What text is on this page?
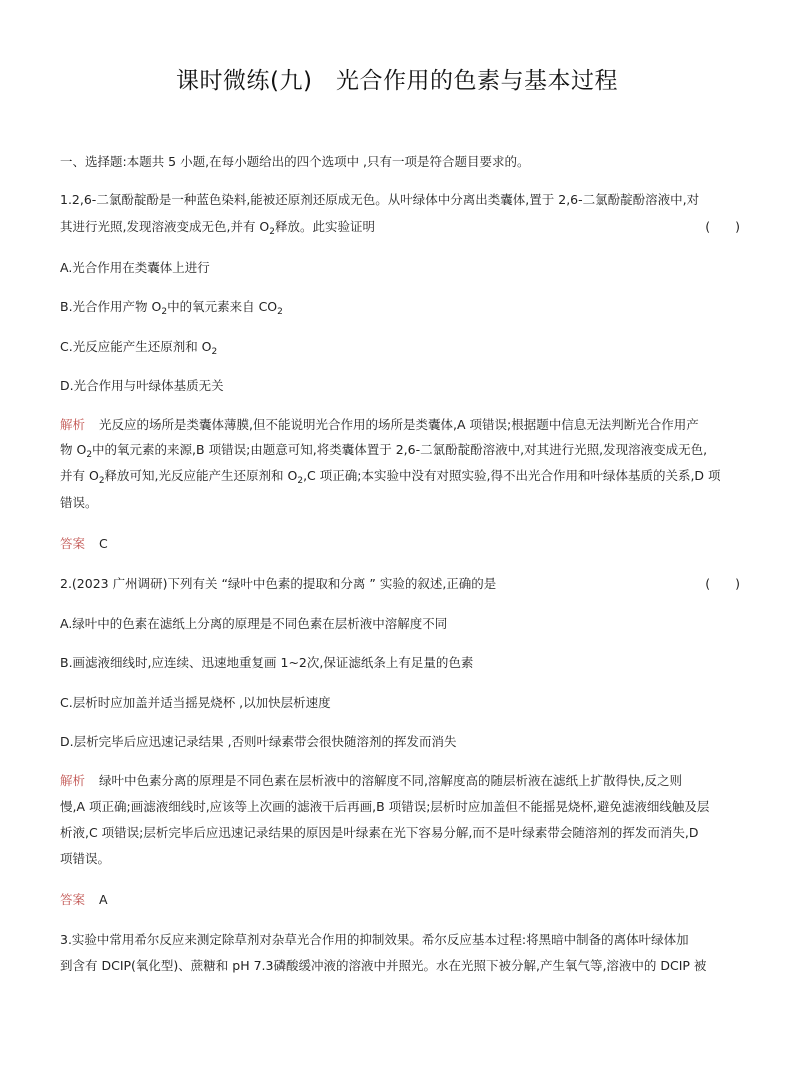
课时微练(九)　光合作用的色素与基本过程
一、选择题:本题共 5 小题,在每小题给出的四个选项中 ,只有一项是符合题目要求的。
1.2,6-二氯酚靛酚是一种蓝色染料,能被还原剂还原成无色。从叶绿体中分离出类囊体,置于 2,6-二氯酚靛酚溶液中,对
其进行光照,发现溶液变成无色,并有 $O_2$释放。此实验证明	(　　)
A.光合作用在类囊体上进行
B.光合作用产物 $O_2$中的氧元素来自 $CO_2$
C.光反应能产生还原剂和 $O_2$
D.光合作用与叶绿体基质无关
解析 光反应的场所是类囊体薄膜,但不能说明光合作用的场所是类囊体,A 项错误;根据题中信息无法判断光合作用产
物 $O_2$中的氧元素的来源,B 项错误;由题意可知,将类囊体置于 2,6-二氯酚靛酚溶液中,对其进行光照,发现溶液变成无色,
并有 $O_2$释放可知,光反应能产生还原剂和 $O_2,C$ 项正确;本实验中没有对照实验,得不出光合作用和叶绿体基质的关系,D 项
错误。
答案 C
2.(2023 广州调研)下列有关 “绿叶中色素的提取和分离 ” 实验的叙述,正确的是	(　　)
A.绿叶中的色素在滤纸上分离的原理是不同色素在层析液中溶解度不同
B.画滤液细线时,应连续、迅速地重复画 1~2次,保证滤纸条上有足量的色素
C.层析时应加盖并适当摇晃烧杯 ,以加快层析速度
D.层析完毕后应迅速记录结果 ,否则叶绿素带会很快随溶剂的挥发而消失
解析 绿叶中色素分离的原理是不同色素在层析液中的溶解度不同,溶解度高的随层析液在滤纸上扩散得快,反之则
慢,A 项正确;画滤液细线时,应该等上次画的滤液干后再画,B 项错误;层析时应加盖但不能摇晃烧杯,避免滤液细线触及层
析液,C 项错误;层析完毕后应迅速记录结果的原因是叶绿素在光下容易分解,而不是叶绿素带会随溶剂的挥发而消失,D
项错误。
答案 A
3.实验中常用希尔反应来测定除草剂对杂草光合作用的抑制效果。希尔反应基本过程:将黑暗中制备的离体叶绿体加
到含有 DCIP(氧化型)、蔗糖和 pH 7.3磷酸缓冲液的溶液中并照光。水在光照下被分解,产生氧气等,溶液中的 DCIP 被
